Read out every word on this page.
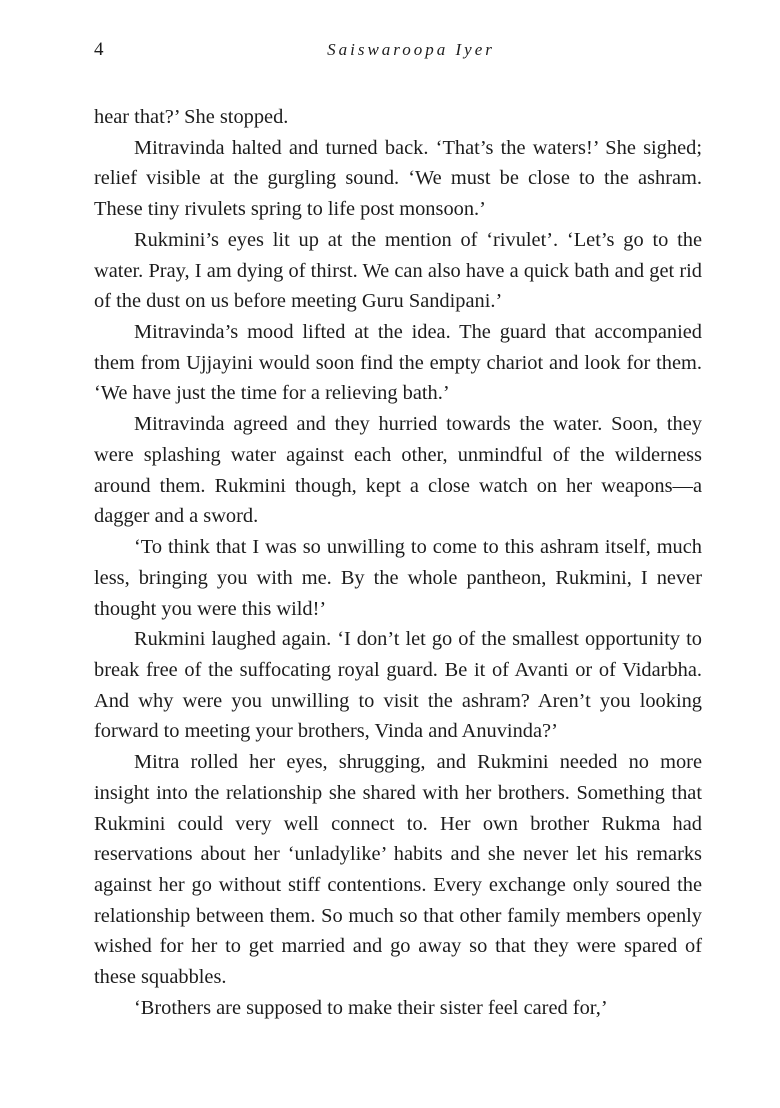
4	Saiswaroopa Iyer

hear that?’ She stopped.

Mitravinda halted and turned back. ‘That’s the waters!’ She sighed; relief visible at the gurgling sound. ‘We must be close to the ashram. These tiny rivulets spring to life post monsoon.’

Rukmini’s eyes lit up at the mention of ‘rivulet’. ‘Let’s go to the water. Pray, I am dying of thirst. We can also have a quick bath and get rid of the dust on us before meeting Guru Sandipani.’

Mitravinda’s mood lifted at the idea. The guard that accompanied them from Ujjayini would soon find the empty chariot and look for them. ‘We have just the time for a relieving bath.’

Mitravinda agreed and they hurried towards the water. Soon, they were splashing water against each other, unmindful of the wilderness around them. Rukmini though, kept a close watch on her weapons—a dagger and a sword.

‘To think that I was so unwilling to come to this ashram itself, much less, bringing you with me. By the whole pantheon, Rukmini, I never thought you were this wild!’

Rukmini laughed again. ‘I don’t let go of the smallest opportunity to break free of the suffocating royal guard. Be it of Avanti or of Vidarbha. And why were you unwilling to visit the ashram? Aren’t you looking forward to meeting your brothers, Vinda and Anuvinda?’

Mitra rolled her eyes, shrugging, and Rukmini needed no more insight into the relationship she shared with her brothers. Something that Rukmini could very well connect to. Her own brother Rukma had reservations about her ‘unladylike’ habits and she never let his remarks against her go without stiff contentions. Every exchange only soured the relationship between them. So much so that other family members openly wished for her to get married and go away so that they were spared of these squabbles.

‘Brothers are supposed to make their sister feel cared for,’
